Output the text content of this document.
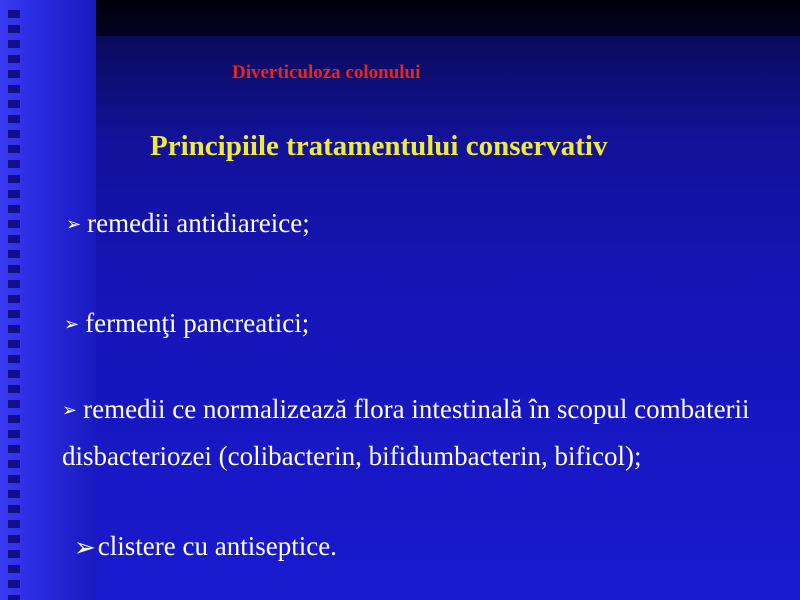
Diverticuloza colonului
Principiile tratamentului conservativ
➢ remedii antidiareice;
➢ fermenţi pancreatici;
➢ remedii ce normalizează flora intestinală în scopul combaterii disbacteriozei (colibacterin, bifidumbacterin, bificol);
➢clistere cu antiseptice.
